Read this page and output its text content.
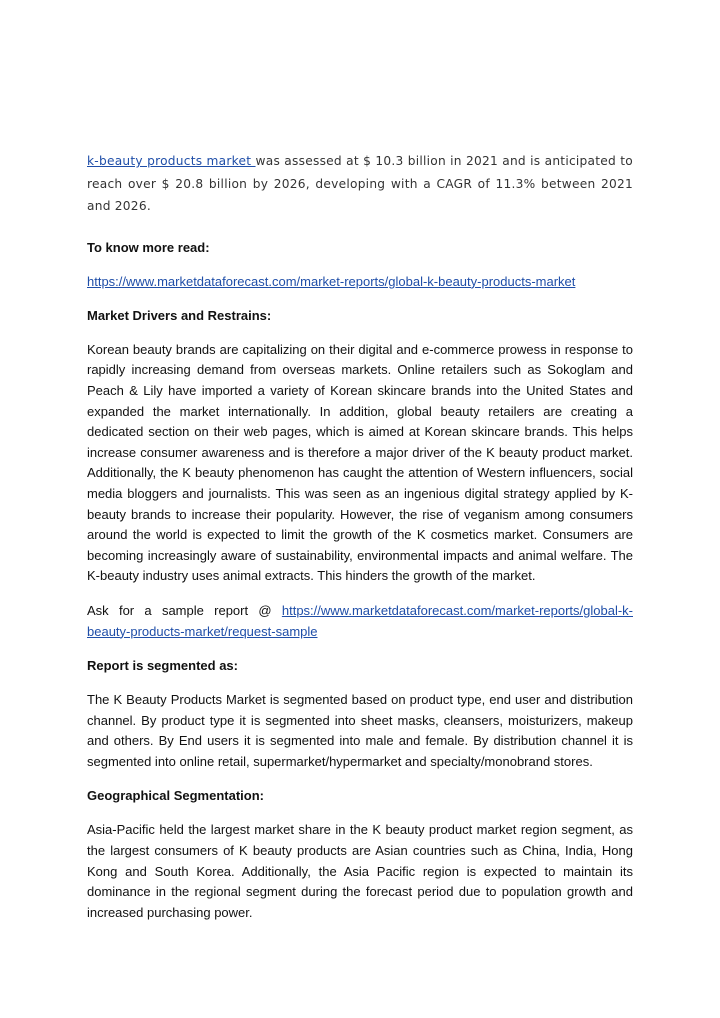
k-beauty products market was assessed at $ 10.3 billion in 2021 and is anticipated to reach over $ 20.8 billion by 2026, developing with a CAGR of 11.3% between 2021 and 2026.

To know more read:
https://www.marketdataforecast.com/market-reports/global-k-beauty-products-market
Market Drivers and Restrains:

Korean beauty brands are capitalizing on their digital and e-commerce prowess in response to rapidly increasing demand from overseas markets. Online retailers such as Sokoglam and Peach & Lily have imported a variety of Korean skincare brands into the United States and expanded the market internationally. In addition, global beauty retailers are creating a dedicated section on their web pages, which is aimed at Korean skincare brands. This helps increase consumer awareness and is therefore a major driver of the K beauty product market. Additionally, the K beauty phenomenon has caught the attention of Western influencers, social media bloggers and journalists. This was seen as an ingenious digital strategy applied by K-beauty brands to increase their popularity. However, the rise of veganism among consumers around the world is expected to limit the growth of the K cosmetics market. Consumers are becoming increasingly aware of sustainability, environmental impacts and animal welfare. The K-beauty industry uses animal extracts. This hinders the growth of the market.

Ask for a sample report @ https://www.marketdataforecast.com/market-reports/global-k-beauty-products-market/request-sample

Report is segmented as:

The K Beauty Products Market is segmented based on product type, end user and distribution channel. By product type it is segmented into sheet masks, cleansers, moisturizers, makeup and others. By End users it is segmented into male and female. By distribution channel it is segmented into online retail, supermarket/hypermarket and specialty/monobrand stores.

Geographical Segmentation:

Asia-Pacific held the largest market share in the K beauty product market region segment, as the largest consumers of K beauty products are Asian countries such as China, India, Hong Kong and South Korea. Additionally, the Asia Pacific region is expected to maintain its dominance in the regional segment during the forecast period due to population growth and increased purchasing power.
